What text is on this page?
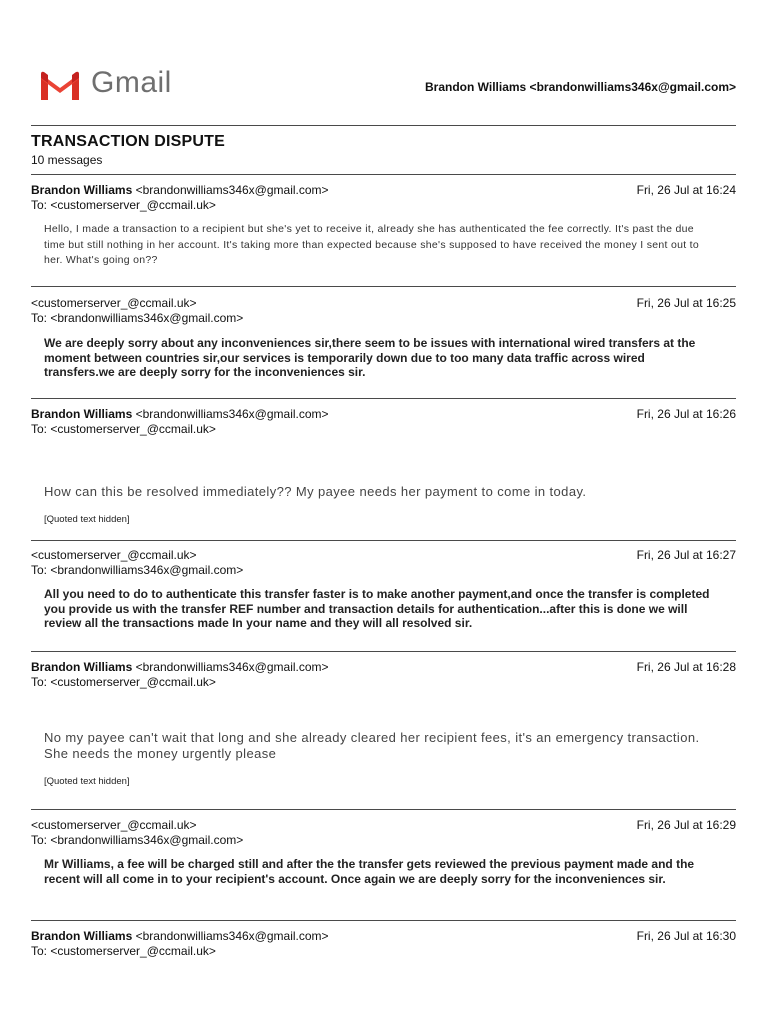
Gmail	Brandon Williams <brandonwilliams346x@gmail.com>
TRANSACTION DISPUTE
10 messages
Brandon Williams <brandonwilliams346x@gmail.com>	Fri, 26 Jul at 16:24
To: <customerserver_@ccmail.uk>
Hello, I made a transaction to a recipient but she's yet to receive it, already she has authenticated the fee correctly. It's past the due time but still nothing in her account. It's taking more than expected because she's supposed to have received the money I sent out to her. What's going on??
<customerserver_@ccmail.uk>	Fri, 26 Jul at 16:25
To: <brandonwilliams346x@gmail.com>
We are deeply sorry about any inconveniences sir,there seem to be issues with international wired transfers at the moment between countries sir,our services is temporarily down due to too many data traffic across wired transfers.we are deeply sorry for the inconveniences sir.
Brandon Williams <brandonwilliams346x@gmail.com>	Fri, 26 Jul at 16:26
To: <customerserver_@ccmail.uk>
How can this be resolved immediately?? My payee needs her payment to come in today.
[Quoted text hidden]
<customerserver_@ccmail.uk>	Fri, 26 Jul at 16:27
To: <brandonwilliams346x@gmail.com>
All you need to do to authenticate this transfer faster is to make another payment,and once the transfer is completed you provide us with the transfer REF number and transaction details for authentication...after this is done we will review all the transactions made In your name and they will all resolved sir.
Brandon Williams <brandonwilliams346x@gmail.com>	Fri, 26 Jul at 16:28
To: <customerserver_@ccmail.uk>
No my payee can't wait that long and she already cleared her recipient fees, it's an emergency transaction. She needs the money urgently please
[Quoted text hidden]
<customerserver_@ccmail.uk>	Fri, 26 Jul at 16:29
To: <brandonwilliams346x@gmail.com>
Mr Williams, a fee will be charged still and after the the transfer gets reviewed the previous payment made and the recent will all come in to your recipient's account. Once again we are deeply sorry for the inconveniences sir.
Brandon Williams <brandonwilliams346x@gmail.com>	Fri, 26 Jul at 16:30
To: <customerserver_@ccmail.uk>
